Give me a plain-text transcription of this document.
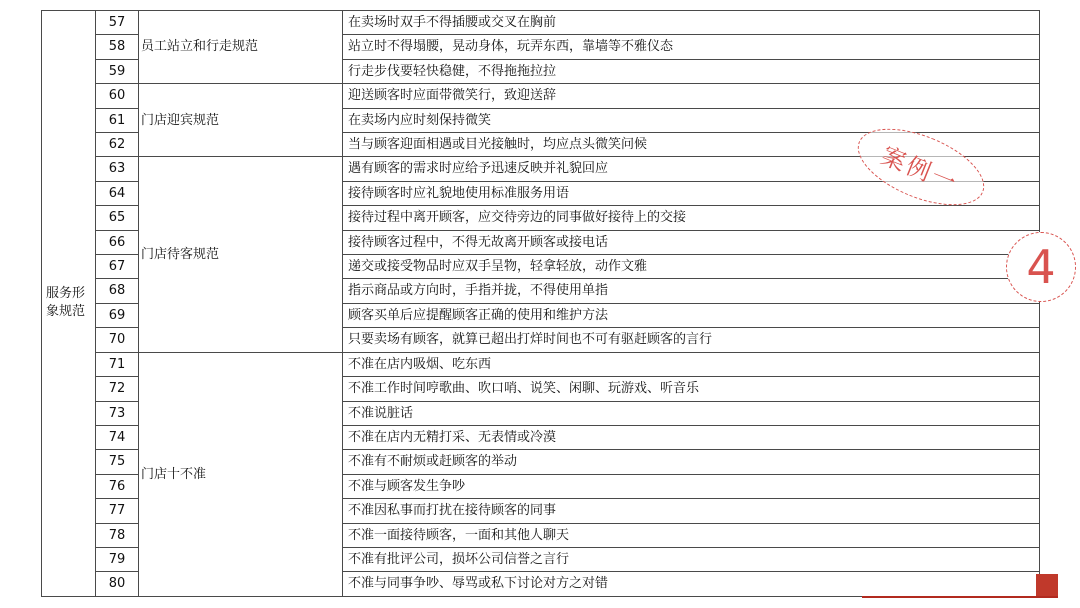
服务形象规范	57	员工站立和行走规范	在卖场时双手不得插腰或交叉在胸前
	58		站立时不得塌腰，晃动身体，玩弄东西，靠墙等不雅仪态
	59		行走步伐要轻快稳健，不得拖拖拉拉
	60	门店迎宾规范	迎送顾客时应面带微笑行，致迎送辞
	61		在卖场内应时刻保持微笑
	62		当与顾客迎面相遇或目光接触时，均应点头微笑问候
	63	门店待客规范	遇有顾客的需求时应给予迅速反映并礼貌回应
	64		接待顾客时应礼貌地使用标准服务用语
	65		接待过程中离开顾客，应交待旁边的同事做好接待上的交接
	66		接待顾客过程中，不得无故离开顾客或接电话
	67		递交或接受物品时应双手呈物，轻拿轻放，动作文雅
	68		指示商品或方向时，手指并拢，不得使用单指
	69		顾客买单后应提醒顾客正确的使用和维护方法
	70		只要卖场有顾客，就算已超出打烊时间也不可有驱赶顾客的言行
	71	门店十不准	不准在店内吸烟、吃东西
	72		不准工作时间哼歌曲、吹口哨、说笑、闲聊、玩游戏、听音乐
	73		不准说脏话
	74		不准在店内无精打采、无表情或冷漠
	75		不准有不耐烦或赶顾客的举动
	76		不准与顾客发生争吵
	77		不准因私事而打扰在接待顾客的同事
	78		不准一面接待顾客，一面和其他人聊天
	79		不准有批评公司，损坏公司信誉之言行
	80		不准与同事争吵、辱骂或私下讨论对方之对错
案例一
4
